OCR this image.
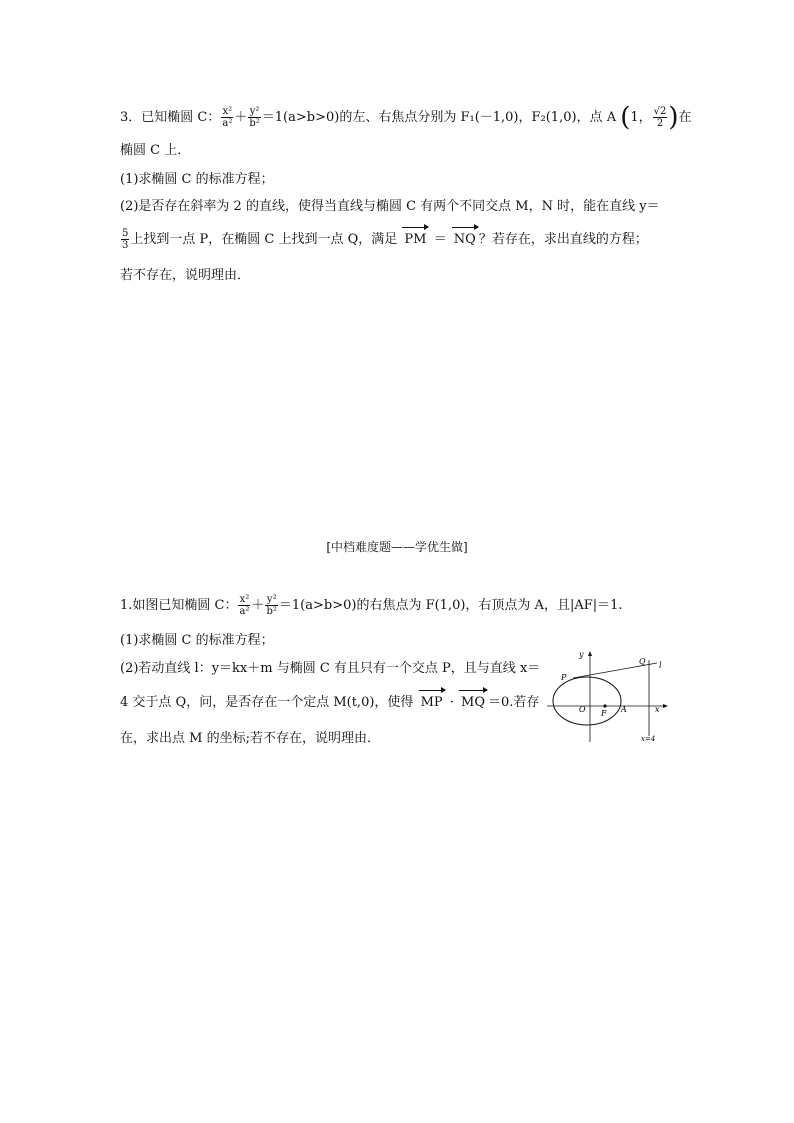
3．已知椭圆 C： $\frac{\text{x²}}{\text{a²}} + \frac{\text{y²}}{\text{b²}} =1(a>b>0)$的左、右焦点分别为 F₁(－1,0)，F₂(1,0)，点 A (1， $\frac{√2}{2}$ )在
椭圆 C 上．
(1)求椭圆 C 的标准方程；
(2)是否存在斜率为 2 的直线，使得当直线与椭圆 C 有两个不同交点 M，N 时，能在直线 y＝
$\frac{5}{3}$ 上找到一点 P，在椭圆 C 上找到一点 Q，满足 PM ＝ NQ ？若存在，求出直线的方程；
若不存在，说明理由．
[中档难度题——学优生做]
1.如图已知椭圆 C： $\frac{\text{x²}}{\text{a²}} + \frac{\text{y²}}{\text{b²}} =1(a>b>0)$的右焦点为 F(1,0)，右顶点为 A，且|AF|＝1.
(1)求椭圆 C 的标准方程；
(2)若动直线 l：y＝kx＋m 与椭圆 C 有且只有一个交点 P，且与直线 x＝
4 交于点 Q，问，是否存在一个定点 M(t,0)，使得 MP · MQ ＝0.若存
在，求出点 M 的坐标;若不存在，说明理由．
y
x
O F A
P
Q l
x=4
